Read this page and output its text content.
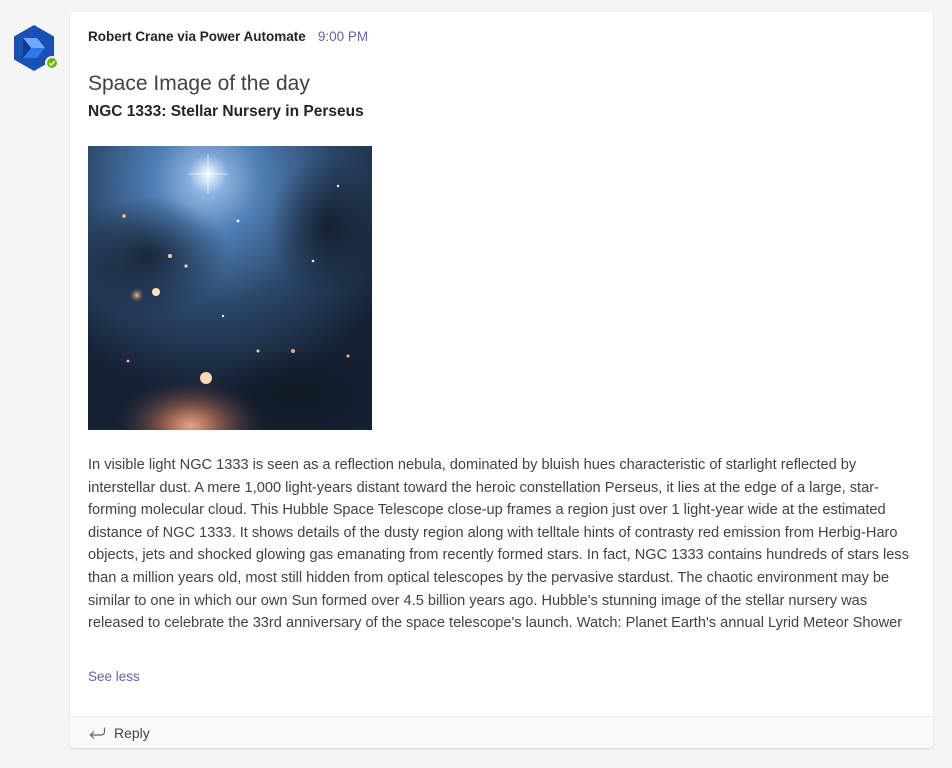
Robert Crane via Power Automate 9:00 PM
Space Image of the day
NGC 1333: Stellar Nursery in Perseus

In visible light NGC 1333 is seen as a reflection nebula, dominated by bluish hues characteristic of starlight reflected by interstellar dust. A mere 1,000 light-years distant toward the heroic constellation Perseus, it lies at the edge of a large, star-forming molecular cloud. This Hubble Space Telescope close-up frames a region just over 1 light-year wide at the estimated distance of NGC 1333. It shows details of the dusty region along with telltale hints of contrasty red emission from Herbig-Haro objects, jets and shocked glowing gas emanating from recently formed stars. In fact, NGC 1333 contains hundreds of stars less than a million years old, most still hidden from optical telescopes by the pervasive stardust. The chaotic environment may be similar to one in which our own Sun formed over 4.5 billion years ago. Hubble's stunning image of the stellar nursery was released to celebrate the 33rd anniversary of the space telescope's launch. Watch: Planet Earth's annual Lyrid Meteor Shower

See less
Reply
